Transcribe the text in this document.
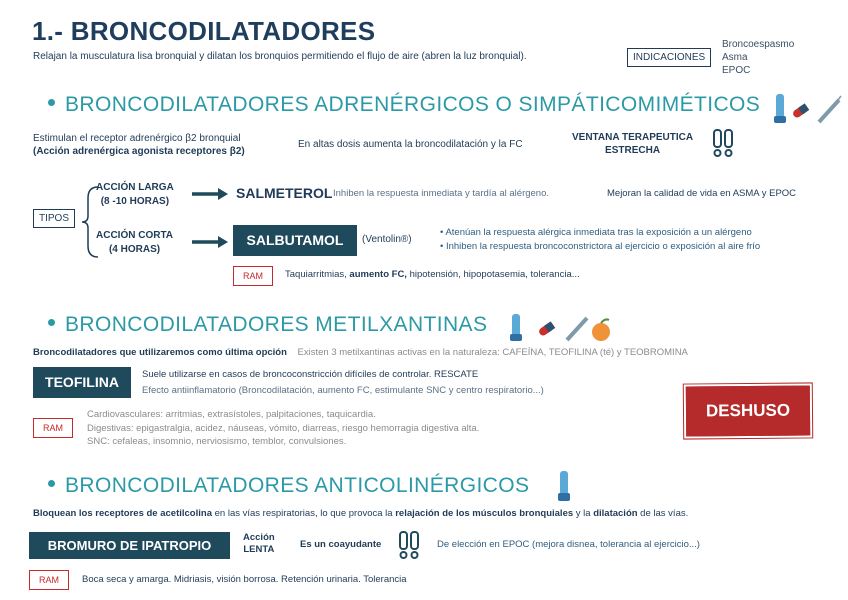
1.- BRONCODILATADORES
Relajan la musculatura lisa bronquial y dilatan los bronquios permitiendo el flujo de aire (abren la luz bronquial).	INDICACIONES
Broncoespasmo
Asma
EPOC
BRONCODILATADORES ADRENÉRGICOS O SIMPÁTICOMIMÉTICOS
Estimulan el receptor adrenérgico β2 bronquial
(Acción adrenérgica agonista receptores β2)
En altas dosis aumenta la broncodilatación y la FC
VENTANA TERAPEUTICA
ESTRECHA
TIPOS
ACCIÓN LARGA
(8 -10 HORAS)
ACCIÓN CORTA
(4 HORAS)
SALMETEROL Inhiben la respuesta inmediata y tardía al alérgeno.	Mejoran la calidad de vida en ASMA y EPOC
SALBUTAMOL	(Ventolin®)
• Atenúan la respuesta alérgica inmediata tras la exposición a un alérgeno
• Inhiben la respuesta broncoconstrictora al ejercicio o exposición al aire frío
RAM	Taquiarritmias, aumento FC, hipotensión, hipopotasemia, tolerancia...
BRONCODILATADORES METILXANTINAS
Broncodilatadores que utilizaremos como última opción Existen 3 metilxantinas activas en la naturaleza: CAFEÍNA, TEOFILINA (té) y TEOBROMINA
TEOFILINA	Suele utilizarse en casos de broncoconstricción difíciles de controlar. RESCATE
Efecto antiinflamatorio (Broncodilatación, aumento FC, estimulante SNC y centro respiratorio...)
DESHUSO
RAM
Cardiovasculares: arritmias, extrasístoles, palpitaciones, taquicardia.
Digestivas: epigastralgia, acidez, náuseas, vómito, diarreas, riesgo hemorragia digestiva alta.
SNC: cefaleas, insomnio, nerviosismo, temblor, convulsiones.
BRONCODILATADORES ANTICOLINÉRGICOS
Bloquean los receptores de acetilcolina en las vías respiratorias, lo que provoca la relajación de los músculos bronquiales y la dilatación de las vías.
BROMURO DE IPATROPIO
Acción
LENTA	Es un coayudante	De elección en EPOC (mejora disnea, tolerancia al ejercicio...)
RAM	Boca seca y amarga. Midriasis, visión borrosa. Retención urinaria. Tolerancia
